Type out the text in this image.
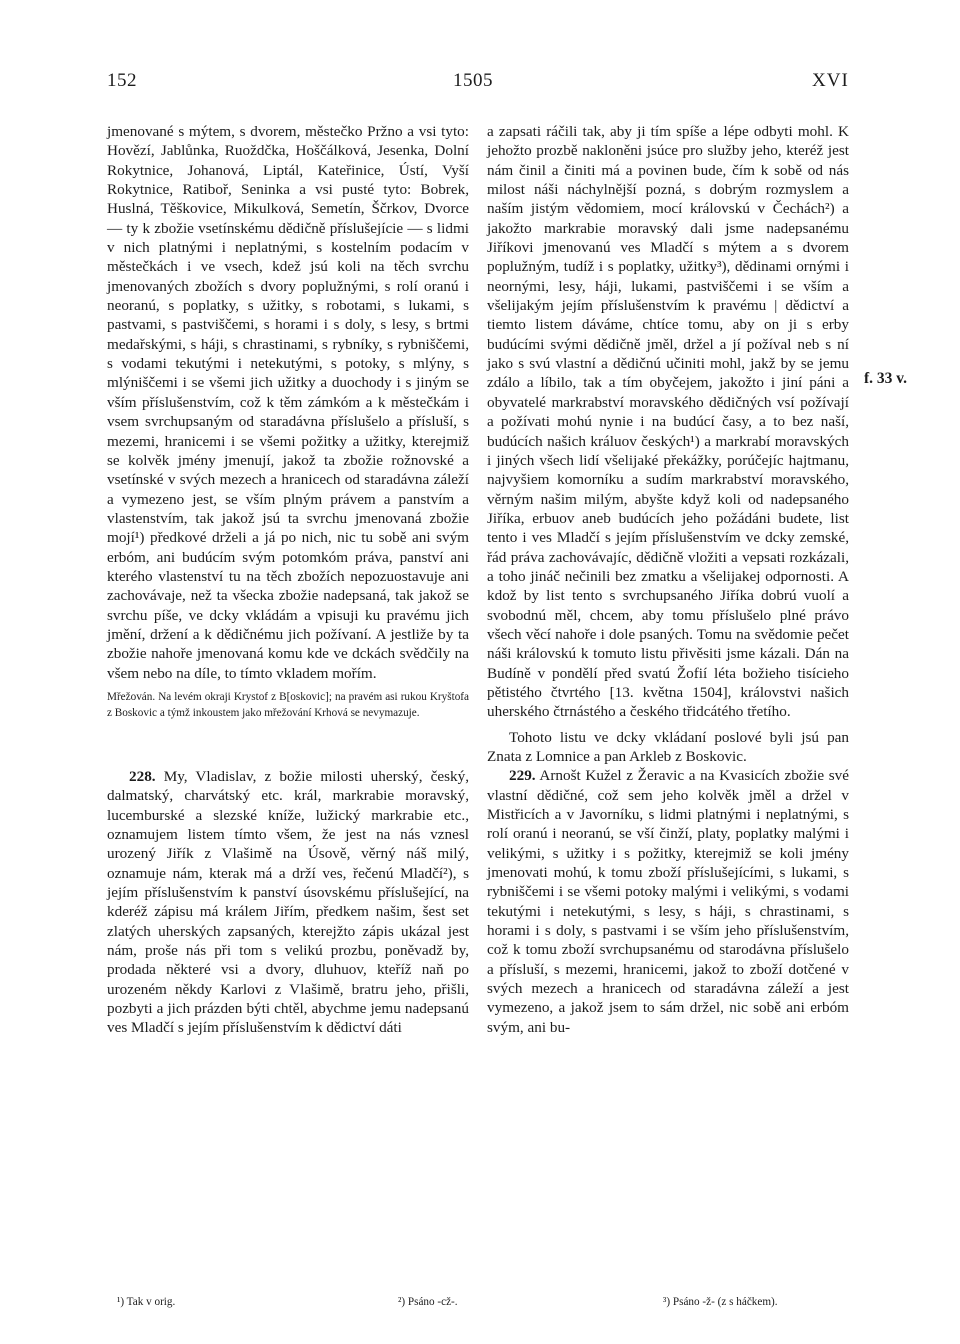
152	1505	XVI

jmenované s mýtem, s dvorem, městečko Pržno a vsi tyto: Hovězí, Jablůnka, Ruoždčka, Hoščálková, Jesenka, Dolní Rokytnice, Johanová, Liptál, Kateřinice, Ústí, Vyší Rokytnice, Ratiboř, Seninka a vsi pusté tyto: Bobrek, Huslná, Těškovice, Mikulková, Semetín, Ščrkov, Dvorce — ty k zbožie vsetínskému dědičně příslušejície — s lidmi v nich platnými i neplatnými, s kostelním podacím v městečkách i ve vsech, kdež jsú koli na těch svrchu jmenovaných zbožích s dvory poplužnými, s rolí oranú i neoranú, s poplatky, s užitky, s robotami, s lukami, s pastvami, s pastviščemi, s horami i s doly, s lesy, s brtmi medařskými, s háji, s chrastinami, s rybníky, s rybniščemi, s vodami tekutými i netekutými, s potoky, s mlýny, s mlýniščemi i se všemi jich užitky a duochody i s jiným se vším příslušenstvím, což k těm zámkóm a k městečkám i vsem svrchupsaným od staradávna příslušelo a přísluší, s mezemi, hranicemi i se všemi požitky a užitky, kterejmiž se kolvěk jmény jmenují, jakož ta zbožie rožnovské a vsetínské v svých mezech a hranicech od staradávna záleží a vymezeno jest, se vším plným právem a panstvím a vlastenstvím, tak jakož jsú ta svrchu jmenovaná zbožie mojí¹) předkové drželi a já po nich, nic tu sobě ani svým erbóm, ani budúcím svým potomkóm práva, panství ani kterého vlastenství tu na těch zbožích nepozuostavuje ani zachovávaje, než ta všecka zbožie nadepsaná, tak jakož se svrchu píše, ve dcky vkládám a vpisuji ku pravému jich jmění, držení a k dědičnému jich požívaní. A jestliže by ta zbožie nahoře jmenovaná komu kde ve dckách svědčily na všem nebo na díle, to tímto vkladem mořím.

Mřežován. Na levém okraji Krystof z B[oskovic]; na pravém asi rukou Kryštofa z Boskovic a týmž inkoustem jako mřežování Krhová se nevymazuje.

228. My, Vladislav, z božie milosti uherský, český, dalmatský, charvátský etc. král, markrabie moravský, lucemburské a slezské kníže, lužický markrabie etc., oznamujem listem tímto všem, že jest na nás vznesl urozený Jiřík z Vlašimě na Úsově, věrný náš milý, oznamuje nám, kterak má a drží ves, řečenú Mladčí²), s jejím příslušenstvím k panství úsovskému příslušející, na kderéž zápisu má králem Jiřím, předkem našim, šest set zlatých uherských zapsaných, kterejžto zápis ukázal jest nám, proše nás při tom s velikú prozbu, poněvadž by, prodada některé vsi a dvory, dluhuov, kteříž naň po urozeném někdy Karlovi z Vlašimě, bratru jeho, přišli, pozbyti a jich prázden býti chtěl, abychme jemu nadepsanú ves Mladčí s jejím příslušenstvím k dědictví dáti

a zapsati ráčili tak, aby ji tím spíše a lépe odbyti mohl. K jehožto prozbě nakloněni jsúce pro služby jeho, kteréž jest nám činil a činiti má a povinen bude, čím k sobě od nás milost náši náchylnější pozná, s dobrým rozmyslem a naším jistým vědomiem, mocí královskú v Čechách²) a jakožto markrabie moravský dali jsme nadepsanému Jiříkovi jmenovanú ves Mladčí s mýtem a s dvorem poplužným, tudíž i s poplatky, užitky³), dědinami ornými i neornými, lesy, háji, lukami, pastviščemi i se vším a všelijakým jejím příslušenstvím k pravému | dědictví a tiemto listem dáváme, chtíce tomu, aby on ji s erby budúcími svými dědičně jměl, držel a jí požíval neb s ní jako s svú vlastní a dědičnú učiniti mohl, jakž by se jemu zdálo a líbilo, tak a tím obyčejem, jakožto i jiní páni a obyvatelé markrabství moravského dědičných vsí požívají a požívati mohú nynie i na budúcí časy, a to bez naší, budúcích našich králuov českých¹) a markrabí moravských i jiných všech lidí všelijaké překážky, porúčejíc hajtmanu, najvyšiem komorníku a sudím markrabství moravského, věrným našim milým, abyšte když koli od nadepsaného Jiříka, erbuov aneb budúcích jeho požádáni budete, list tento i ves Mladčí s jejím příslušenstvím ve dcky zemské, řád práva zachovávajíc, dědičně vložiti a vepsati rozkázali, a toho jináč nečinili bez zmatku a všelijakej odpornosti. A kdož by list tento s svrchupsaného Jiříka dobrú vuolí a svobodnú měl, chcem, aby tomu příslušelo plné právo všech věcí nahoře i dole psaných. Tomu na svědomie pečet náši královskú k tomuto listu přivěsiti jsme kázali. Dán na Budíně v pondělí před svatú Žofií léta božieho tisícieho pětistého čtvrtého [13. května 1504], královstvi našich uherského čtrnástého a českého třidcátého třetího.

Tohoto listu ve dcky vkládaní poslové byli jsú pan Znata z Lomnice a pan Arkleb z Boskovic.

229. Arnošt Kužel z Žeravic a na Kvasicích zbožie své vlastní dědičné, což sem jeho kolvěk jměl a držel v Mistřicích a v Javorníku, s lidmi platnými i neplatnými, s rolí oranú i neoranú, se vší činží, platy, poplatky malými i velikými, s užitky i s požitky, kterejmiž se koli jmény jmenovati mohú, k tomu zboží příslušejícími, s lukami, s rybniščemi i se všemi potoky malými i velikými, s vodami tekutými i netekutými, s lesy, s háji, s chrastinami, s horami i s doly, s pastvami i se vším jeho příslušenstvím, což k tomu zboží svrchupsanému od starodávna příslušelo a přísluší, s mezemi, hranicemi, jakož to zboží dotčené v svých mezech a hranicech od staradávna záleží a jest vymezeno, a jakož jsem to sám držel, nic sobě ani erbóm svým, ani bu-

f. 33 v.
¹) Tak v orig.	²) Psáno -cž-.	³) Psáno -ž- (z s háčkem).
